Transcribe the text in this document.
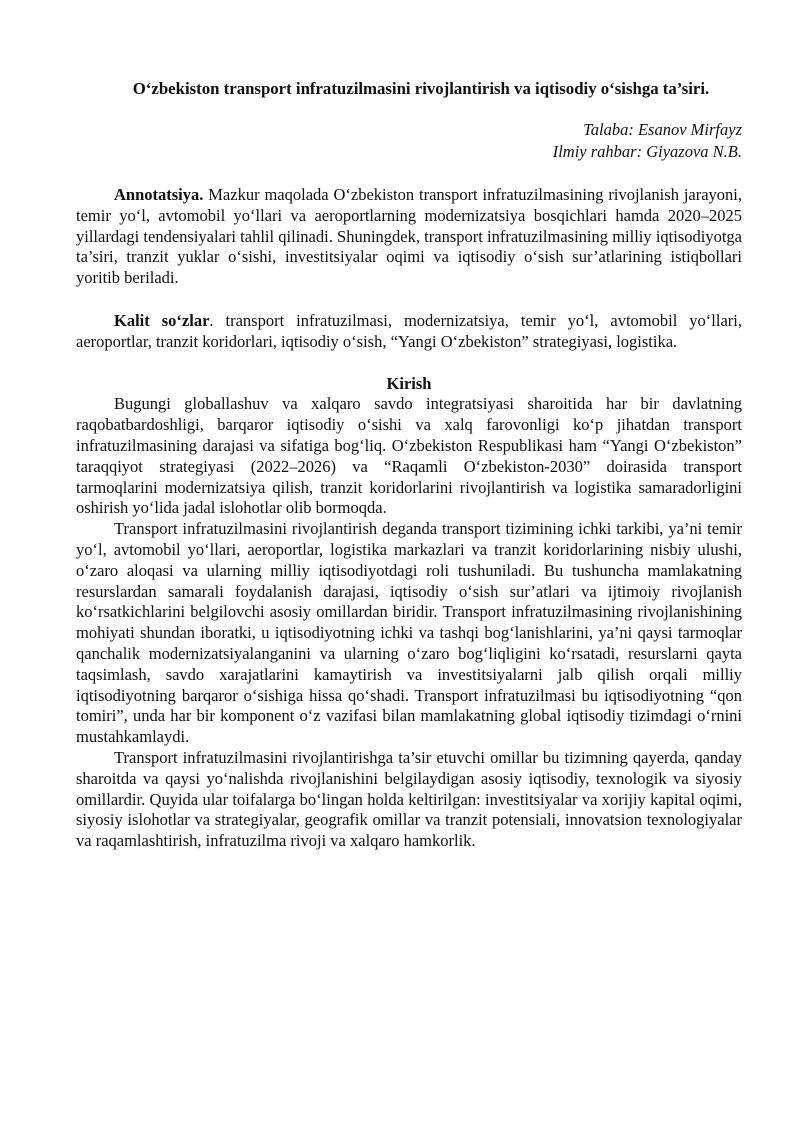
O‘zbekiston transport infratuzilmasini rivojlantirish va iqtisodiy o‘sishga ta’siri.
Talaba: Esanov Mirfayz
Ilmiy rahbar: Giyazova N.B.

Annotatsiya. Mazkur maqolada O‘zbekiston transport infratuzilmasining rivojlanish jarayoni, temir yo‘l, avtomobil yo‘llari va aeroportlarning modernizatsiya bosqichlari hamda 2020–2025 yillardagi tendensiyalari tahlil qilinadi. Shuningdek, transport infratuzilmasining milliy iqtisodiyotga ta’siri, tranzit yuklar o‘sishi, investitsiyalar oqimi va iqtisodiy o‘sish sur’atlarining istiqbollari yoritib beriladi.

Kalit so‘zlar. transport infratuzilmasi, modernizatsiya, temir yo‘l, avtomobil yo‘llari, aeroportlar, tranzit koridorlari, iqtisodiy o‘sish, “Yangi O‘zbekiston” strategiyasi, logistika.

Kirish

Bugungi globallashuv va xalqaro savdo integratsiyasi sharoitida har bir davlatning raqobatbardoshligi, barqaror iqtisodiy o‘sishi va xalq farovonligi ko‘p jihatdan transport infratuzilmasining darajasi va sifatiga bog‘liq. O‘zbekiston Respublikasi ham “Yangi O‘zbekiston” taraqqiyot strategiyasi (2022–2026) va “Raqamli O‘zbekiston-2030” doirasida transport tarmoqlarini modernizatsiya qilish, tranzit koridorlarini rivojlantirish va logistika samaradorligini oshirish yo‘lida jadal islohotlar olib bormoqda.

Transport infratuzilmasini rivojlantirish deganda transport tizimining ichki tarkibi, ya’ni temir yo‘l, avtomobil yo‘llari, aeroportlar, logistika markazlari va tranzit koridorlarining nisbiy ulushi, o‘zaro aloqasi va ularning milliy iqtisodiyotdagi roli tushuniladi. Bu tushuncha mamlakatning resurslardan samarali foydalanish darajasi, iqtisodiy o‘sish sur’atlari va ijtimoiy rivojlanish ko‘rsatkichlarini belgilovchi asosiy omillardan biridir. Transport infratuzilmasining rivojlanishining mohiyati shundan iboratki, u iqtisodiyotning ichki va tashqi bog‘lanishlarini, ya’ni qaysi tarmoqlar qanchalik modernizatsiyalanganini va ularning o‘zaro bog‘liqligini ko‘rsatadi, resurslarni qayta taqsimlash, savdo xarajatlarini kamaytirish va investitsiyalarni jalb qilish orqali milliy iqtisodiyotning barqaror o‘sishiga hissa qo‘shadi. Transport infratuzilmasi bu iqtisodiyotning “qon tomiri”, unda har bir komponent o‘z vazifasi bilan mamlakatning global iqtisodiy tizimdagi o‘rnini mustahkamlaydi.

Transport infratuzilmasini rivojlantirishga ta’sir etuvchi omillar bu tizimning qayerda, qanday sharoitda va qaysi yo‘nalishda rivojlanishini belgilaydigan asosiy iqtisodiy, texnologik va siyosiy omillardir. Quyida ular toifalarga bo‘lingan holda keltirilgan: investitsiyalar va xorijiy kapital oqimi, siyosiy islohotlar va strategiyalar, geografik omillar va tranzit potensiali, innovatsion texnologiyalar va raqamlashtirish, infratuzilma rivoji va xalqaro hamkorlik.
